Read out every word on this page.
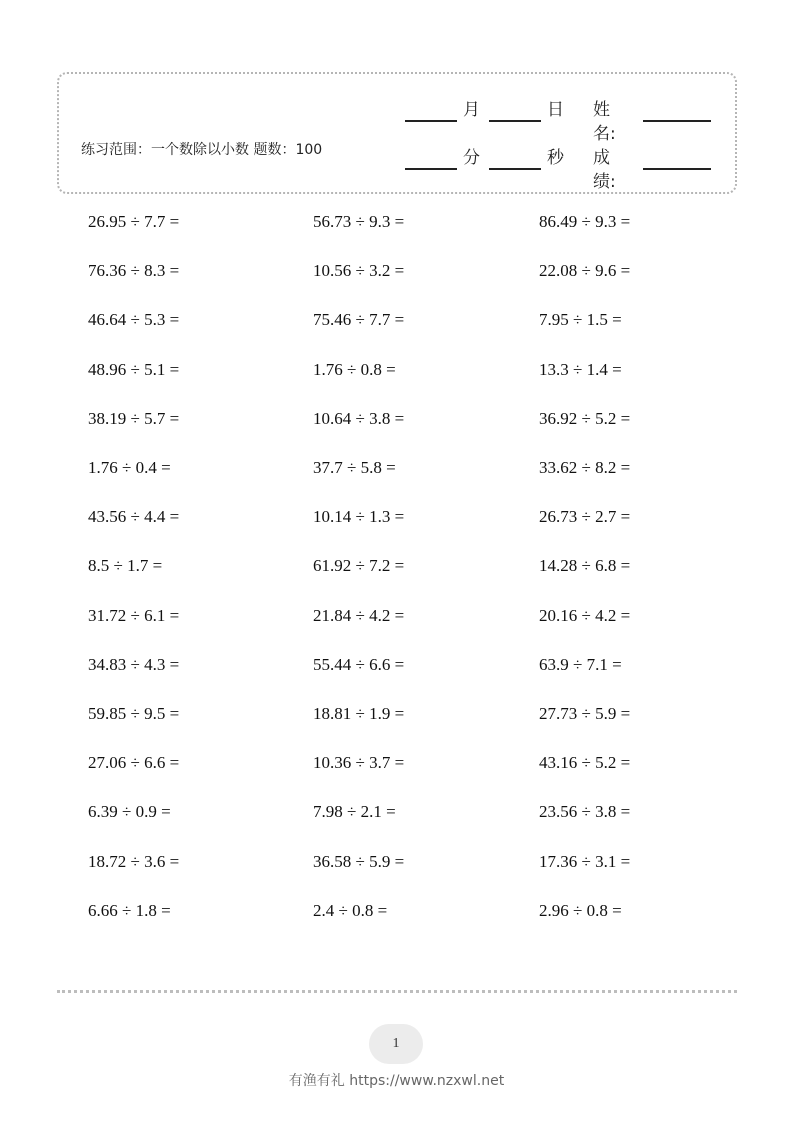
月	日 姓名:
分	秒 成绩:
练习范围：一个数除以小数 题数：100
26.95 ÷ 7.7 =	56.73 ÷ 9.3 =	86.49 ÷ 9.3 =
76.36 ÷ 8.3 =	10.56 ÷ 3.2 =	22.08 ÷ 9.6 =
46.64 ÷ 5.3 =	75.46 ÷ 7.7 =	7.95 ÷ 1.5 =
48.96 ÷ 5.1 =	1.76 ÷ 0.8 =	13.3 ÷ 1.4 =
38.19 ÷ 5.7 =	10.64 ÷ 3.8 =	36.92 ÷ 5.2 =
1.76 ÷ 0.4 =	37.7 ÷ 5.8 =	33.62 ÷ 8.2 =
43.56 ÷ 4.4 =	10.14 ÷ 1.3 =	26.73 ÷ 2.7 =
8.5 ÷ 1.7 =	61.92 ÷ 7.2 =	14.28 ÷ 6.8 =
31.72 ÷ 6.1 =	21.84 ÷ 4.2 =	20.16 ÷ 4.2 =
34.83 ÷ 4.3 =	55.44 ÷ 6.6 =	63.9 ÷ 7.1 =
59.85 ÷ 9.5 =	18.81 ÷ 1.9 =	27.73 ÷ 5.9 =
27.06 ÷ 6.6 =	10.36 ÷ 3.7 =	43.16 ÷ 5.2 =
6.39 ÷ 0.9 =	7.98 ÷ 2.1 =	23.56 ÷ 3.8 =
18.72 ÷ 3.6 =	36.58 ÷ 5.9 =	17.36 ÷ 3.1 =
6.66 ÷ 1.8 =	2.4 ÷ 0.8 =	2.96 ÷ 0.8 =
1
有渔有礼 https://www.nzxwl.net
